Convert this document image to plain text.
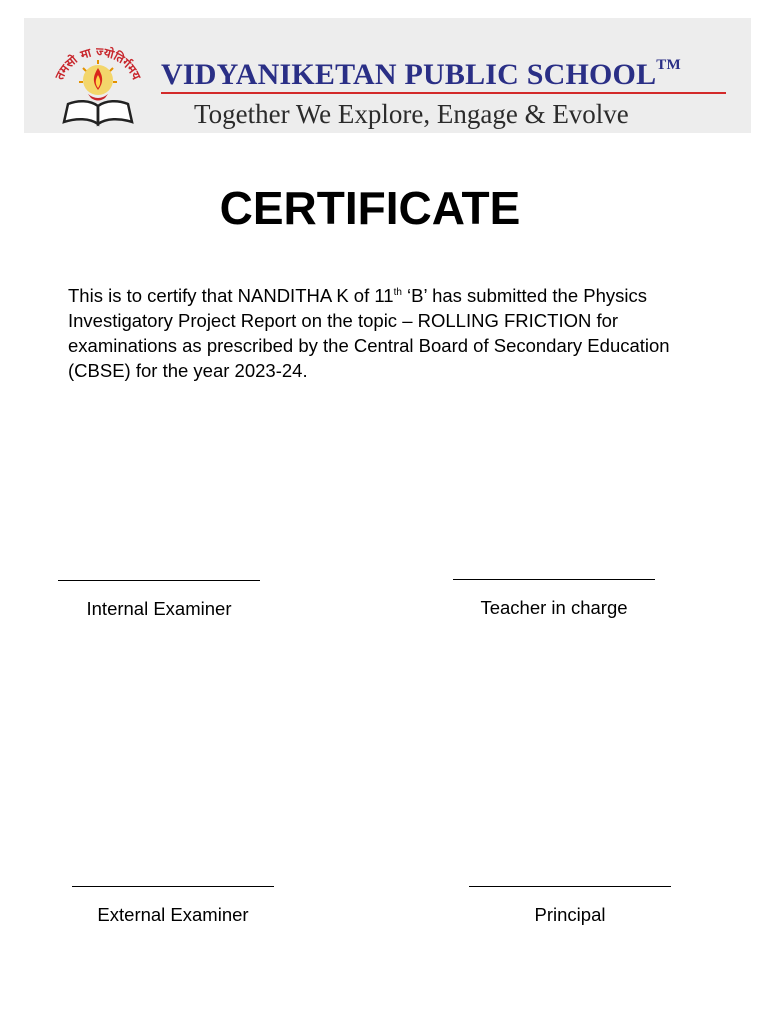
तमसो मा ज्योतिर्गमय VIDYANIKETAN PUBLIC SCHOOL™
Together We Explore, Engage & Evolve
CERTIFICATE
This is to certify that NANDITHA K of 11th ‘B’ has submitted the Physics Investigatory Project Report on the topic – ROLLING FRICTION for examinations as prescribed by the Central Board of Secondary Education (CBSE) for the year 2023-24.
Internal Examiner	Teacher in charge
External Examiner	Principal
